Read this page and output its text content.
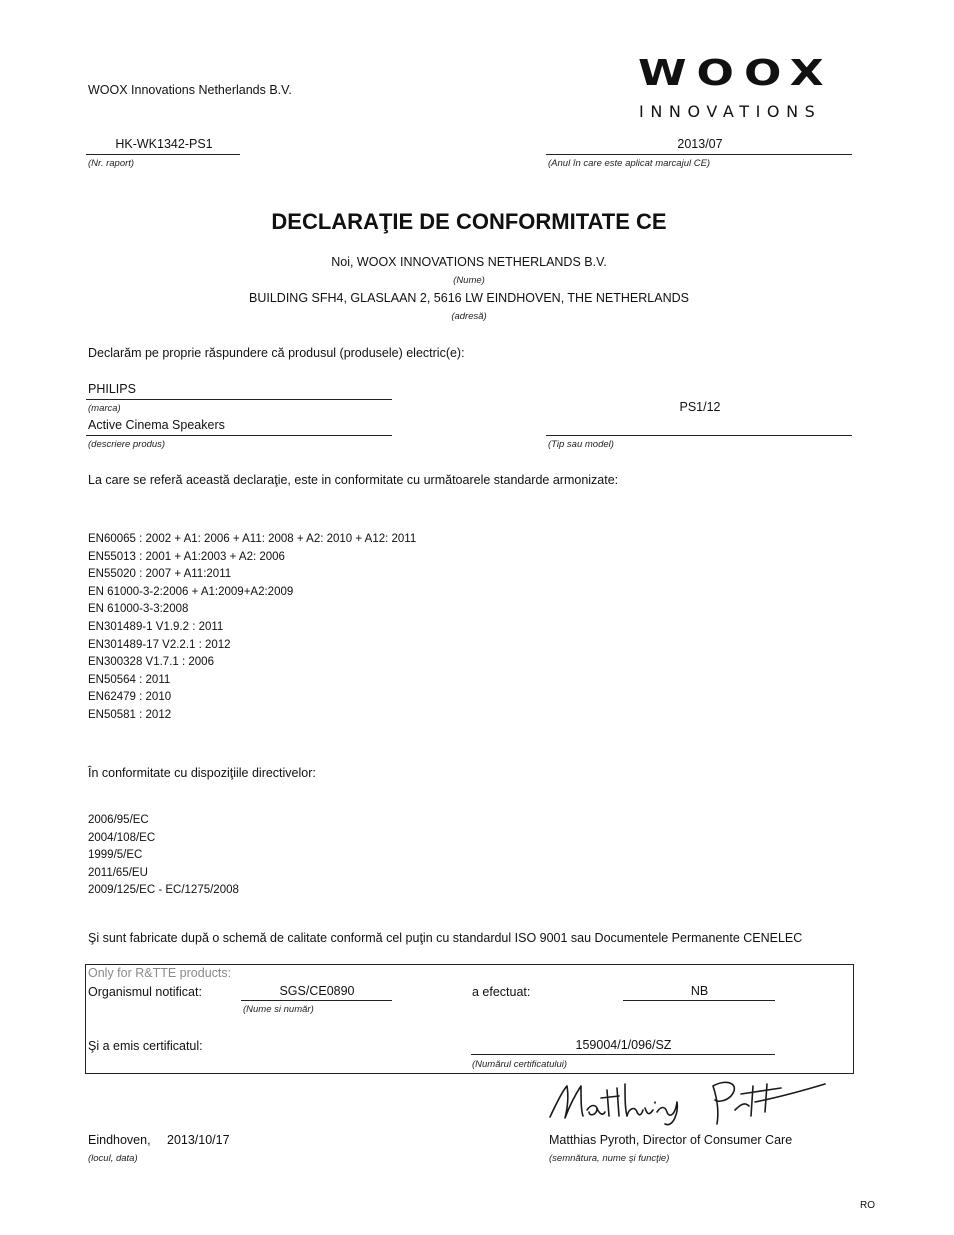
WOOX Innovations Netherlands B.V.	WOOX
INNOVATIONS
HK-WK1342-PS1
(Nr. raport)
2013/07
(Anul în care este aplicat marcajul CE)
DECLARAŢIE DE CONFORMITATE CE
Noi, WOOX INNOVATIONS NETHERLANDS B.V.
(Nume)
BUILDING SFH4, GLASLAAN 2, 5616 LW EINDHOVEN, THE NETHERLANDS
(adresă)
Declarăm pe proprie răspundere că produsul (produsele) electric(e):
PHILIPS
(marca)
Active Cinema Speakers
(descriere produs)
PS1/12
(Tip sau model)
La care se referă această declaraţie, este in conformitate cu următoarele standarde armonizate:
EN60065 : 2002 + A1: 2006 + A11: 2008 + A2: 2010 + A12: 2011
EN55013 : 2001 + A1:2003 + A2: 2006
EN55020 : 2007 + A11:2011
EN 61000-3-2:2006 + A1:2009+A2:2009
EN 61000-3-3:2008
EN301489-1 V1.9.2 : 2011
EN301489-17 V2.2.1 : 2012
EN300328 V1.7.1 : 2006
EN50564 : 2011
EN62479 : 2010
EN50581 : 2012
În conformitate cu dispoziţiile directivelor:
2006/95/EC
2004/108/EC
1999/5/EC
2011/65/EU
2009/125/EC - EC/1275/2008
Şi sunt fabricate după o schemă de calitate conformă cel puţin cu standardul ISO 9001 sau Documentele Permanente CENELEC
Only for R&TTE products:
Organismul notificat:	SGS/CE0890
(Nume si număr)
a efectuat:	NB
Şi a emis certificatul:	159004/1/096/SZ
(Numărul certificatului)
Eindhoven, 2013/10/17
(locul, data)
Matthias Pyroth, Director of Consumer Care
(semnătura, nume şi funcţie)
RO
